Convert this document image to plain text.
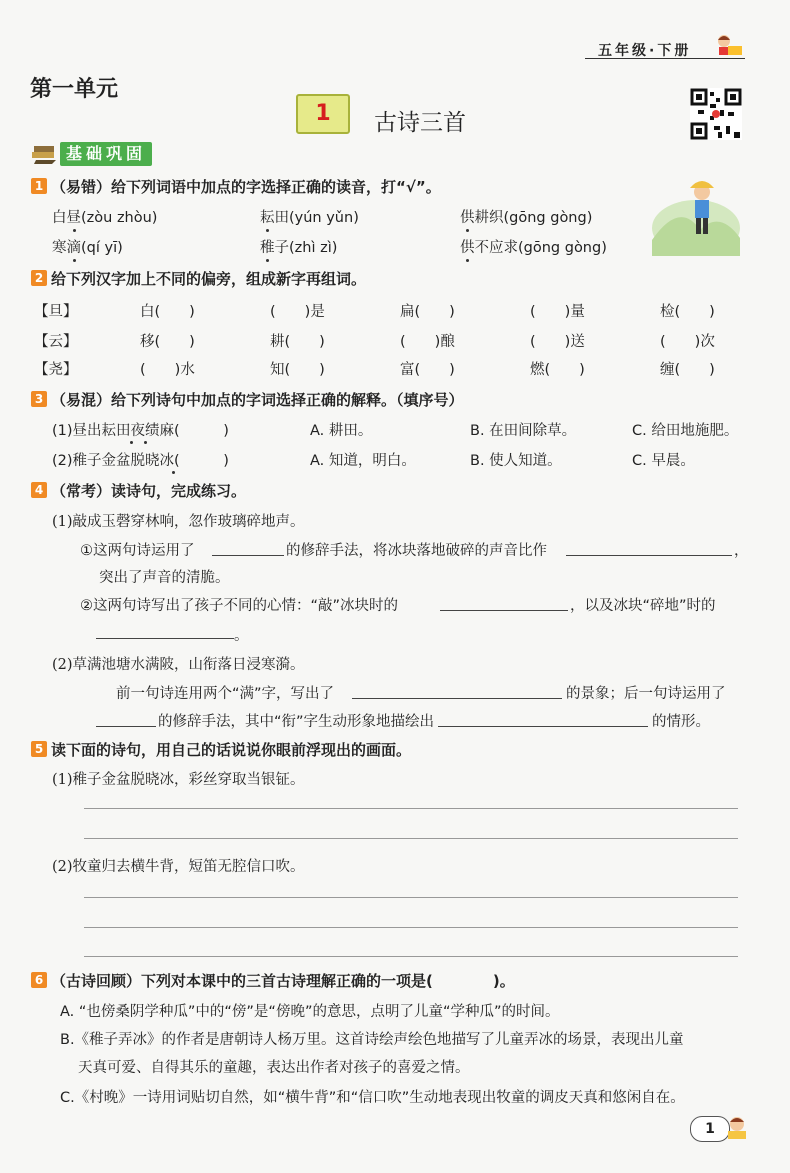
五年级·下册
第一单元
1	古诗三首
基础巩固
1 （易错）给下列词语中加点的字选择正确的读音，打“√”。
白昼(zòu zhòu)	耘田(yún yǔn)	供耕织(gōng gòng)
寒滴(qí yī)	稚子(zhì zì)	供不应求(gōng gòng)
2 给下列汉字加上不同的偏旁，组成新字再组词。
【旦】	白(　　)	(　　)是	扁(　　)	(　　)量	检(　　)
【云】	移(　　)	耕(　　)	(　　)酿	(　　)送	(　　)次
【尧】	(　　)水	知(　　)	富(　　)	燃(　　)	缠(　　)
3 （易混）给下列诗句中加点的字词选择正确的解释。（填序号）
(1)昼出耘田夜绩麻(　　　)	A. 耕田。	B. 在田间除草。	C. 给田地施肥。
(2)稚子金盆脱晓冰(　　　)	A. 知道，明白。	B. 使人知道。	C. 早晨。
4 （常考）读诗句，完成练习。
(1)敲成玉磬穿林响，忽作玻璃碎地声。
①这两句诗运用了	的修辞手法，将冰块落地破碎的声音比作	，
突出了声音的清脆。
②这两句诗写出了孩子不同的心情：“敲”冰块时的	，以及冰块“碎地”时的
。
(2)草满池塘水满陂，山衔落日浸寒漪。
前一句诗连用两个“满”字，写出了	的景象；后一句诗运用了
的修辞手法，其中“衔”字生动形象地描绘出	的情形。
5 读下面的诗句，用自己的话说说你眼前浮现出的画面。
(1)稚子金盆脱晓冰，彩丝穿取当银钲。
(2)牧童归去横牛背，短笛无腔信口吹。
6 （古诗回顾）下列对本课中的三首古诗理解正确的一项是(　　　　)。
A. “也傍桑阴学种瓜”中的“傍”是“傍晚”的意思，点明了儿童“学种瓜”的时间。
B.《稚子弄冰》的作者是唐朝诗人杨万里。这首诗绘声绘色地描写了儿童弄冰的场景，表现出儿童
天真可爱、自得其乐的童趣，表达出作者对孩子的喜爱之情。
C.《村晚》一诗用词贴切自然，如“横牛背”和“信口吹”生动地表现出牧童的调皮天真和悠闲自在。
1
